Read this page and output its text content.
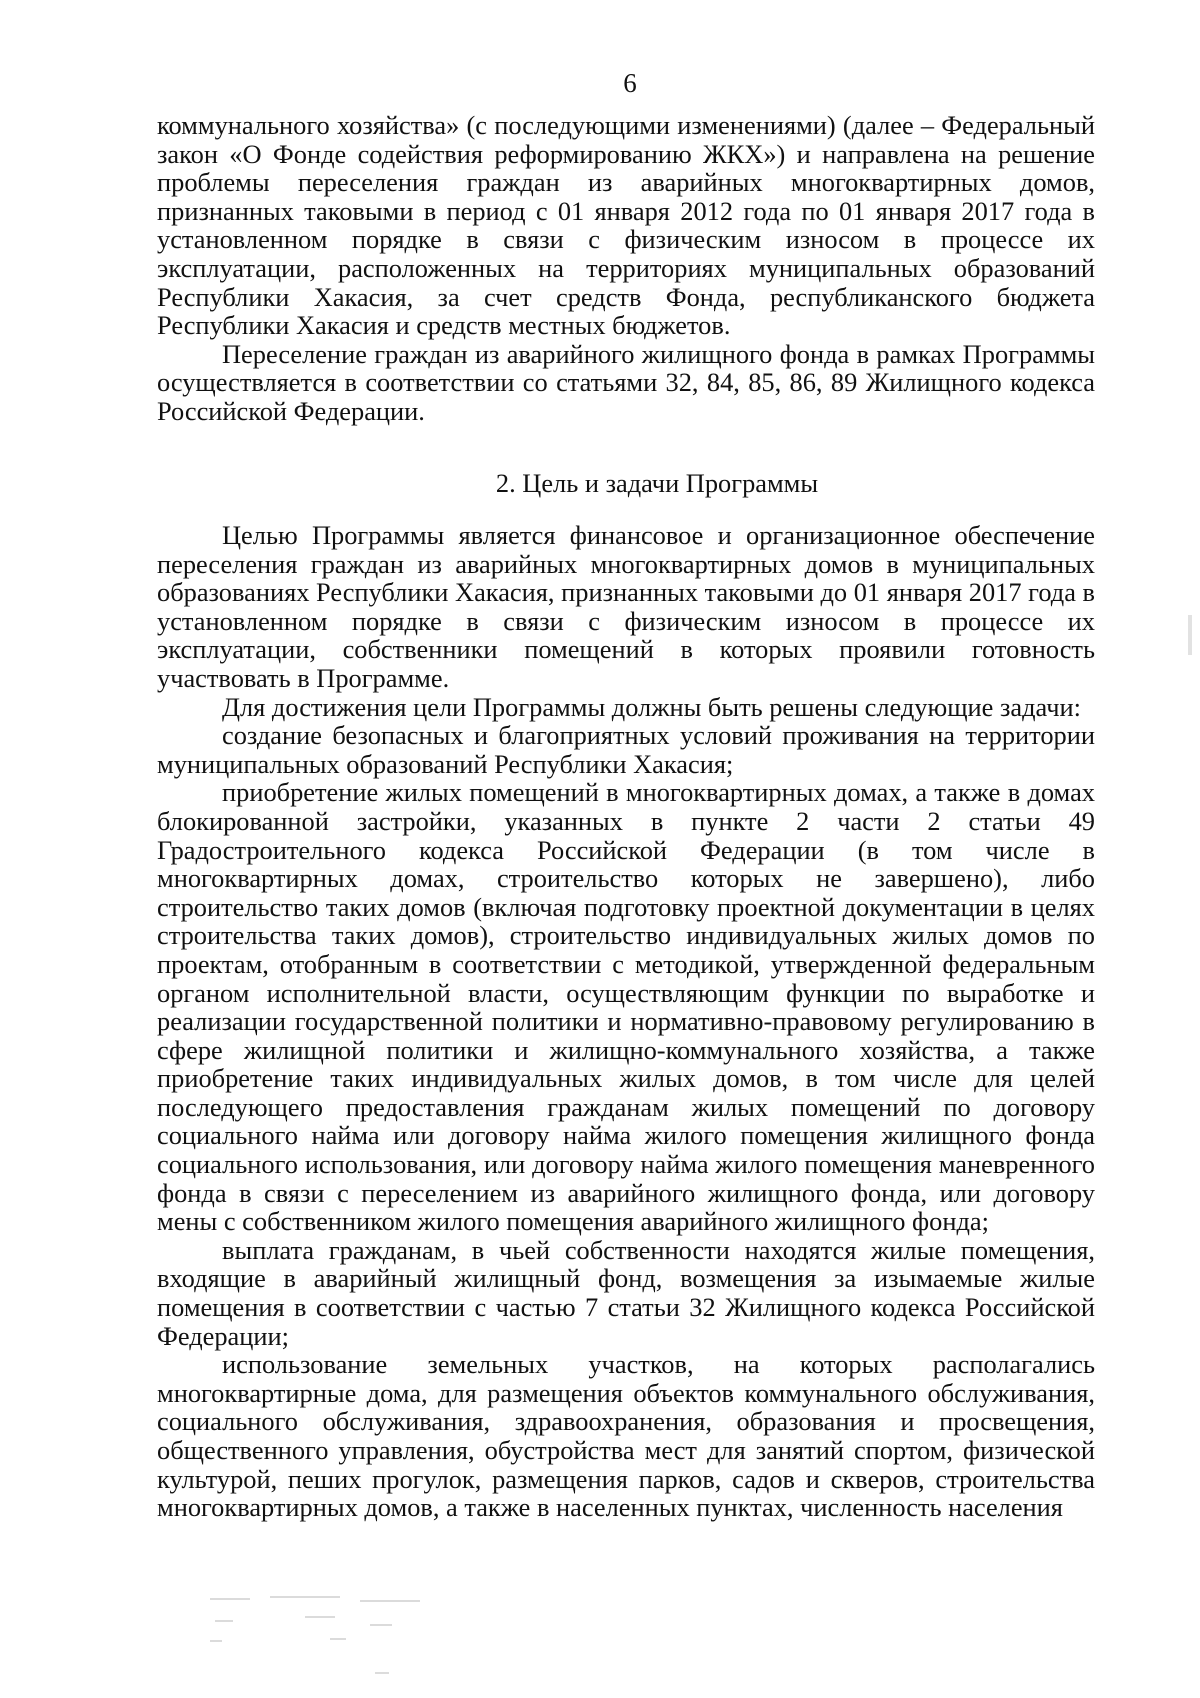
6

коммунального хозяйства» (с последующими изменениями) (далее – Федеральный закон «О Фонде содействия реформированию ЖКХ») и направлена на решение проблемы переселения граждан из аварийных многоквартирных домов, признанных таковыми в период с 01 января 2012 года по 01 января 2017 года в установленном порядке в связи с физическим износом в процессе их эксплуатации, расположенных на территориях муниципальных образований Республики Хакасия, за счет средств Фонда, республиканского бюджета Республики Хакасия и средств местных бюджетов.

Переселение граждан из аварийного жилищного фонда в рамках Программы осуществляется в соответствии со статьями 32, 84, 85, 86, 89 Жилищного кодекса Российской Федерации.

2. Цель и задачи Программы

Целью Программы является финансовое и организационное обеспечение переселения граждан из аварийных многоквартирных домов в муниципальных образованиях Республики Хакасия, признанных таковыми до 01 января 2017 года в установленном порядке в связи с физическим износом в процессе их эксплуатации, собственники помещений в которых проявили готовность участвовать в Программе.

Для достижения цели Программы должны быть решены следующие задачи:

создание безопасных и благоприятных условий проживания на территории муниципальных образований Республики Хакасия;

приобретение жилых помещений в многоквартирных домах, а также в домах блокированной застройки, указанных в пункте 2 части 2 статьи 49 Градостроительного кодекса Российской Федерации (в том числе в многоквартирных домах, строительство которых не завершено), либо строительство таких домов (включая подготовку проектной документации в целях строительства таких домов), строительство индивидуальных жилых домов по проектам, отобранным в соответствии с методикой, утвержденной федеральным органом исполнительной власти, осуществляющим функции по выработке и реализации государственной политики и нормативно-правовому регулированию в сфере жилищной политики и жилищно-коммунального хозяйства, а также приобретение таких индивидуальных жилых домов, в том числе для целей последующего предоставления гражданам жилых помещений по договору социального найма или договору найма жилого помещения жилищного фонда социального использования, или договору найма жилого помещения маневренного фонда в связи с переселением из аварийного жилищного фонда, или договору мены с собственником жилого помещения аварийного жилищного фонда;

выплата гражданам, в чьей собственности находятся жилые помещения, входящие в аварийный жилищный фонд, возмещения за изымаемые жилые помещения в соответствии с частью 7 статьи 32 Жилищного кодекса Российской Федерации;

использование земельных участков, на которых располагались многоквартирные дома, для размещения объектов коммунального обслуживания, социального обслуживания, здравоохранения, образования и просвещения, общественного управления, обустройства мест для занятий спортом, физической культурой, пеших прогулок, размещения парков, садов и скверов, строительства многоквартирных домов, а также в населенных пунктах, численность населения
